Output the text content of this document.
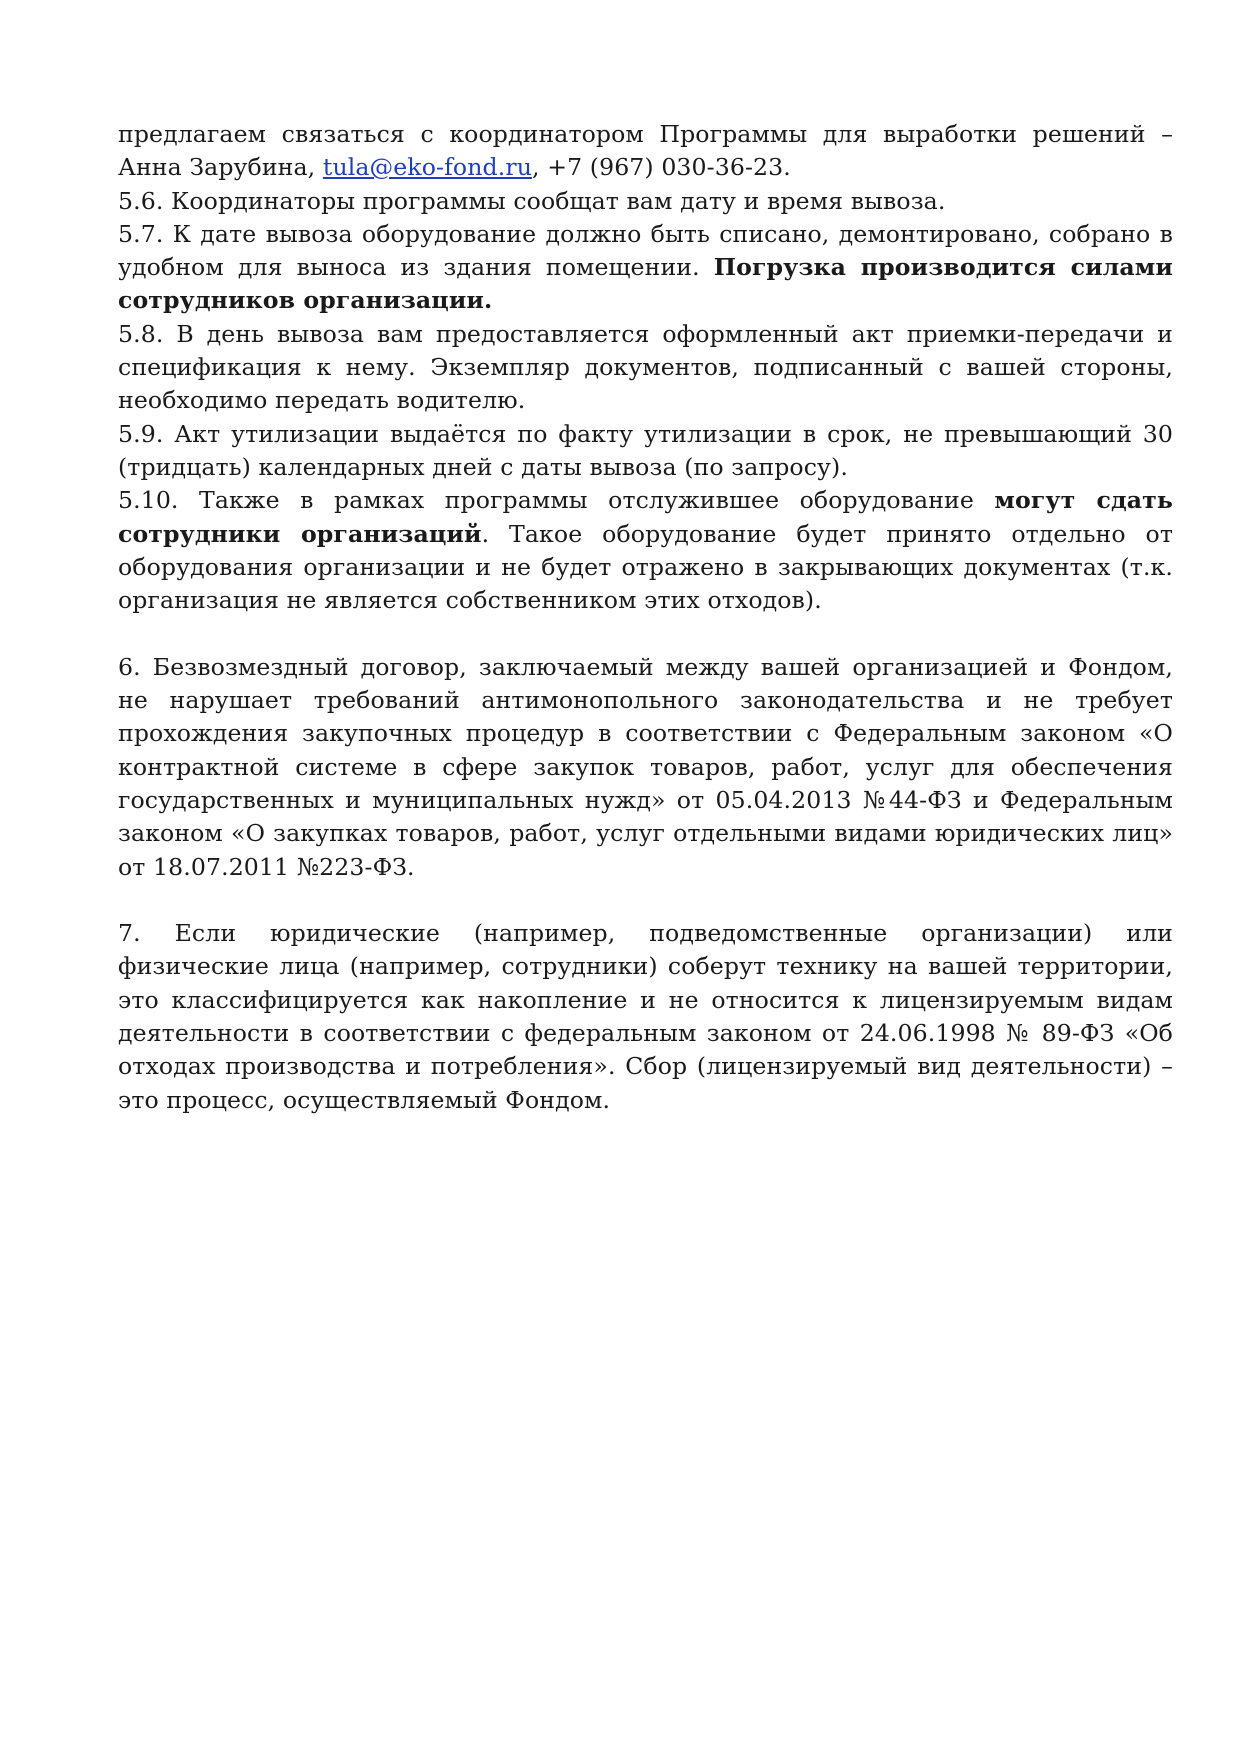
предлагаем связаться с координатором Программы для выработки решений – Анна Зарубина, tula@eko-fond.ru, +7 (967) 030-36-23.

5.6. Координаторы программы сообщат вам дату и время вывоза.

5.7. К дате вывоза оборудование должно быть списано, демонтировано, собрано в удобном для выноса из здания помещении. Погрузка производится силами сотрудников организации.

5.8. В день вывоза вам предоставляется оформленный акт приемки-передачи и спецификация к нему. Экземпляр документов, подписанный с вашей стороны, необходимо передать водителю.

5.9. Акт утилизации выдаётся по факту утилизации в срок, не превышающий 30 (тридцать) календарных дней с даты вывоза (по запросу).

5.10. Также в рамках программы отслужившее оборудование могут сдать сотрудники организаций. Такое оборудование будет принято отдельно от оборудования организации и не будет отражено в закрывающих документах (т.к. организация не является собственником этих отходов).

6. Безвозмездный договор, заключаемый между вашей организацией и Фондом, не нарушает требований антимонопольного законодательства и не требует прохождения закупочных процедур в соответствии с Федеральным законом «О контрактной системе в сфере закупок товаров, работ, услуг для обеспечения государственных и муниципальных нужд» от 05.04.2013 №44-ФЗ и Федеральным законом «О закупках товаров, работ, услуг отдельными видами юридических лиц» от 18.07.2011 №223-ФЗ.

7. Если юридические (например, подведомственные организации) или физические лица (например, сотрудники) соберут технику на вашей территории, это классифицируется как накопление и не относится к лицензируемым видам деятельности в соответствии с федеральным законом от 24.06.1998 № 89-ФЗ «Об отходах производства и потребления». Сбор (лицензируемый вид деятельности) – это процесс, осуществляемый Фондом.
